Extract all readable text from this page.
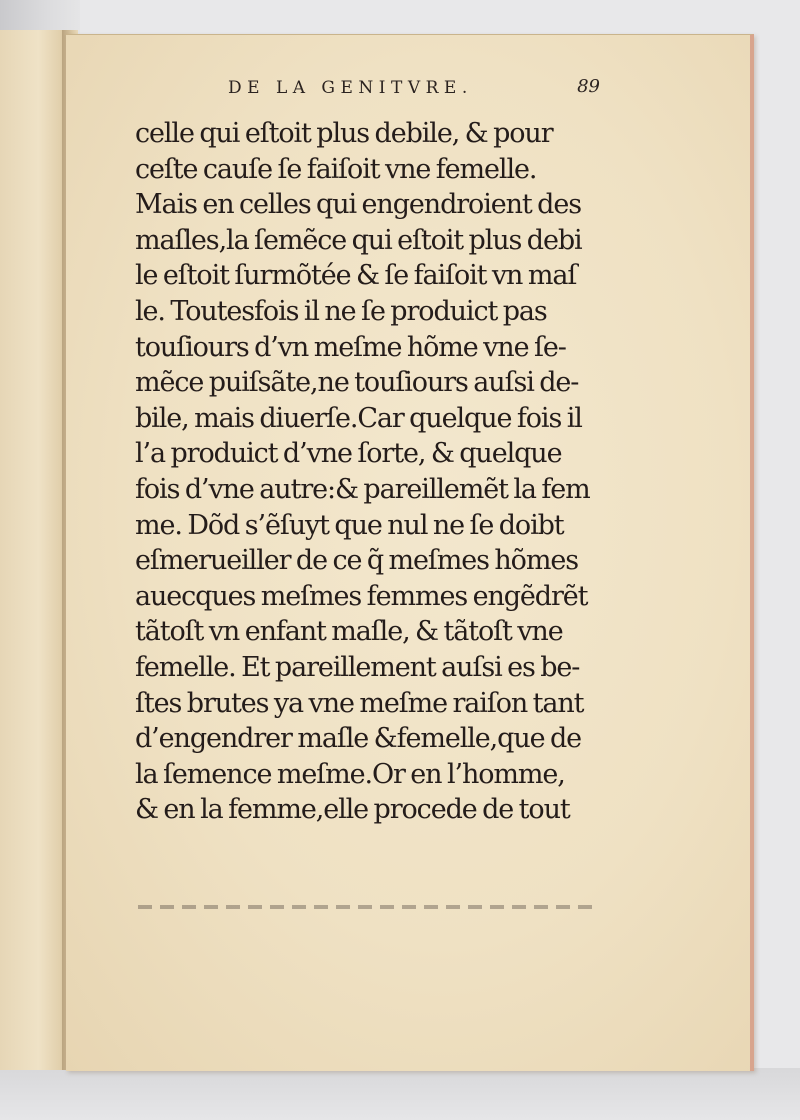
DE LA GENITVRE.	89
celle qui eſtoit plus debile, & pour
ceſte cauſe ſe faiſoit vne femelle.
Mais en celles qui engendroient des
maſles,la ſemẽce qui eſtoit plus debi
le eſtoit ſurmõtée & ſe faiſoit vn maſ
le. Toutesfois il ne ſe produict pas
touſiours d’vn meſme hõme vne ſe-
mẽce puiſsãte,ne touſiours auſsi de-
bile, mais diuerſe.Car quelque fois il
l’a produict d’vne ſorte, & quelque
fois d’vne autre:& pareillemẽt la fem
me. Dõd s’ẽſuyt que nul ne ſe doibt
eſmerueiller de ce q̃ meſmes hõmes
auecques meſmes femmes engẽdrẽt
tãtoſt vn enfant maſle, & tãtoſt vne
femelle. Et pareillement auſsi es be-
ſtes brutes ya vne meſme raiſon tant
d’engendrer maſle &femelle,que de
la ſemence meſme.Or en l’homme,
& en la femme,elle procede de tout
